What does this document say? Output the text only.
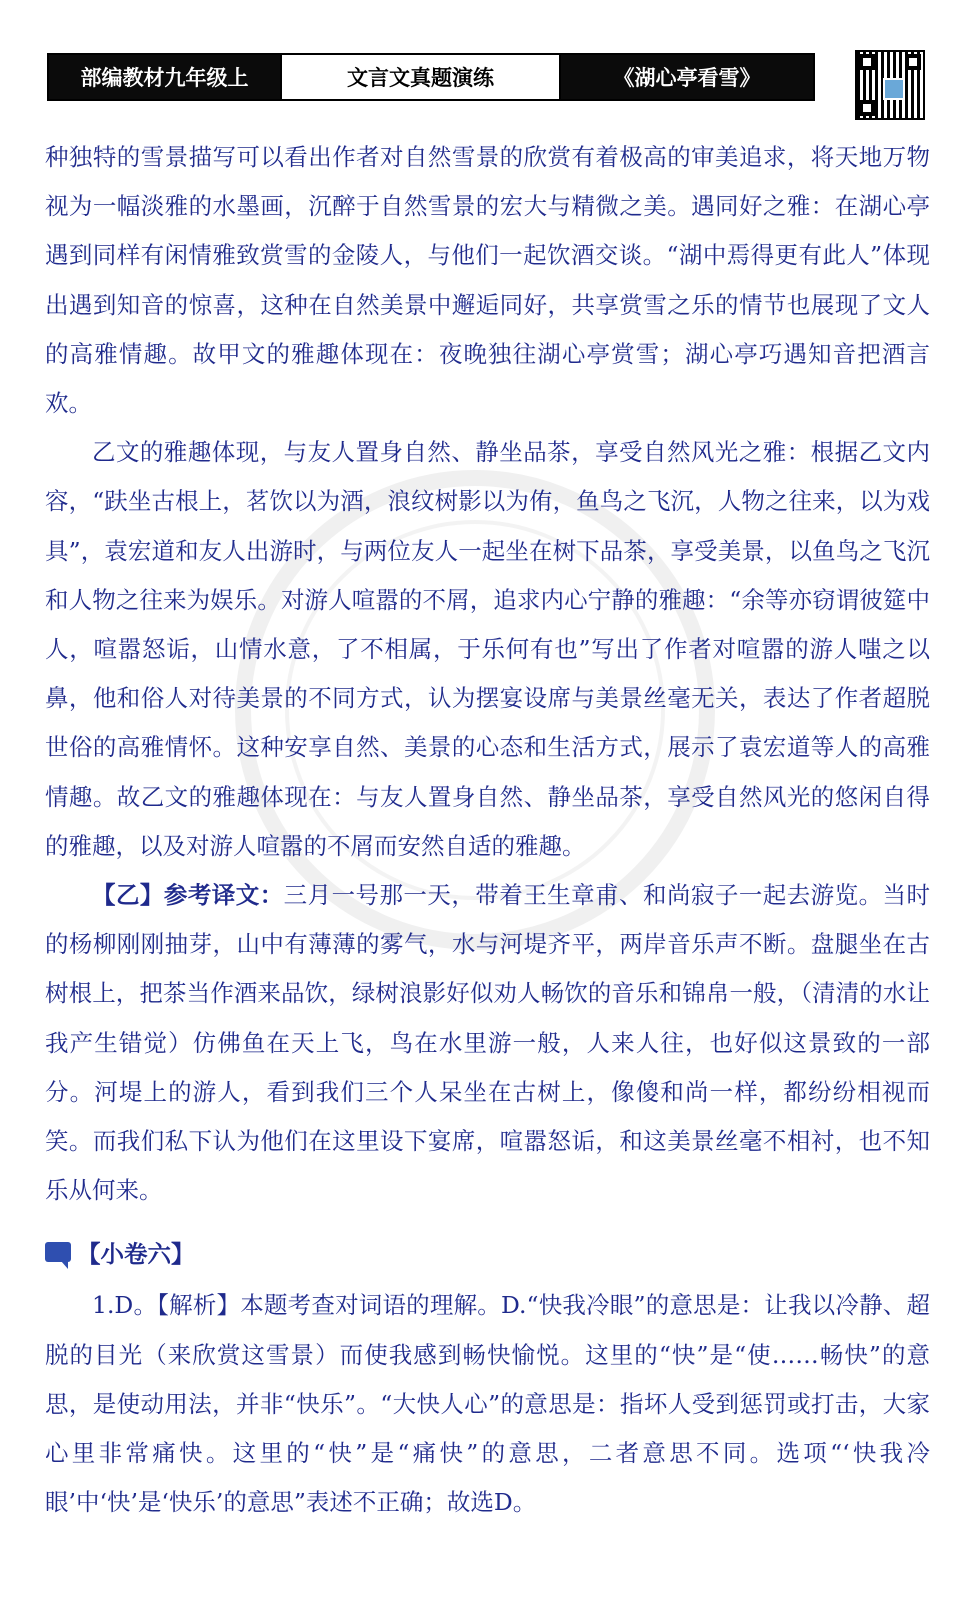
部编教材九年级上	文言文真题演练	《湖心亭看雪》

种独特的雪景描写可以看出作者对自然雪景的欣赏有着极高的审美追求，将天地万物视为一幅淡雅的水墨画，沉醉于自然雪景的宏大与精微之美。遇同好之雅：在湖心亭遇到同样有闲情雅致赏雪的金陵人，与他们一起饮酒交谈。“湖中焉得更有此人”体现出遇到知音的惊喜，这种在自然美景中邂逅同好，共享赏雪之乐的情节也展现了文人的高雅情趣。故甲文的雅趣体现在：夜晚独往湖心亭赏雪；湖心亭巧遇知音把酒言欢。

乙文的雅趣体现，与友人置身自然、静坐品茶，享受自然风光之雅：根据乙文内容，“趺坐古根上，茗饮以为酒，浪纹树影以为侑，鱼鸟之飞沉，人物之往来，以为戏具”，袁宏道和友人出游时，与两位友人一起坐在树下品茶，享受美景，以鱼鸟之飞沉和人物之往来为娱乐。对游人喧嚣的不屑，追求内心宁静的雅趣：“余等亦窃谓彼筵中人，喧嚣怒诟，山情水意，了不相属，于乐何有也”写出了作者对喧嚣的游人嗤之以鼻，他和俗人对待美景的不同方式，认为摆宴设席与美景丝毫无关，表达了作者超脱世俗的高雅情怀。这种安享自然、美景的心态和生活方式，展示了袁宏道等人的高雅情趣。故乙文的雅趣体现在：与友人置身自然、静坐品茶，享受自然风光的悠闲自得的雅趣，以及对游人喧嚣的不屑而安然自适的雅趣。

【乙】参考译文：三月一号那一天，带着王生章甫、和尚寂子一起去游览。当时的杨柳刚刚抽芽，山中有薄薄的雾气，水与河堤齐平，两岸音乐声不断。盘腿坐在古树根上，把茶当作酒来品饮，绿树浪影好似劝人畅饮的音乐和锦帛一般，（清清的水让我产生错觉）仿佛鱼在天上飞，鸟在水里游一般，人来人往，也好似这景致的一部分。河堤上的游人，看到我们三个人呆坐在古树上，像傻和尚一样，都纷纷相视而笑。而我们私下认为他们在这里设下宴席，喧嚣怒诟，和这美景丝毫不相衬，也不知乐从何来。

【小卷六】

1.D。【解析】本题考查对词语的理解。D.“快我冷眼”的意思是：让我以冷静、超脱的目光（来欣赏这雪景）而使我感到畅快愉悦。这里的“快”是“使……畅快”的意思，是使动用法，并非“快乐”。“大快人心”的意思是：指坏人受到惩罚或打击，大家心里非常痛快。这里的“快”是“痛快”的意思，二者意思不同。选项“‘快我冷眼’中‘快’是‘快乐’的意思”表述不正确；故选D。
